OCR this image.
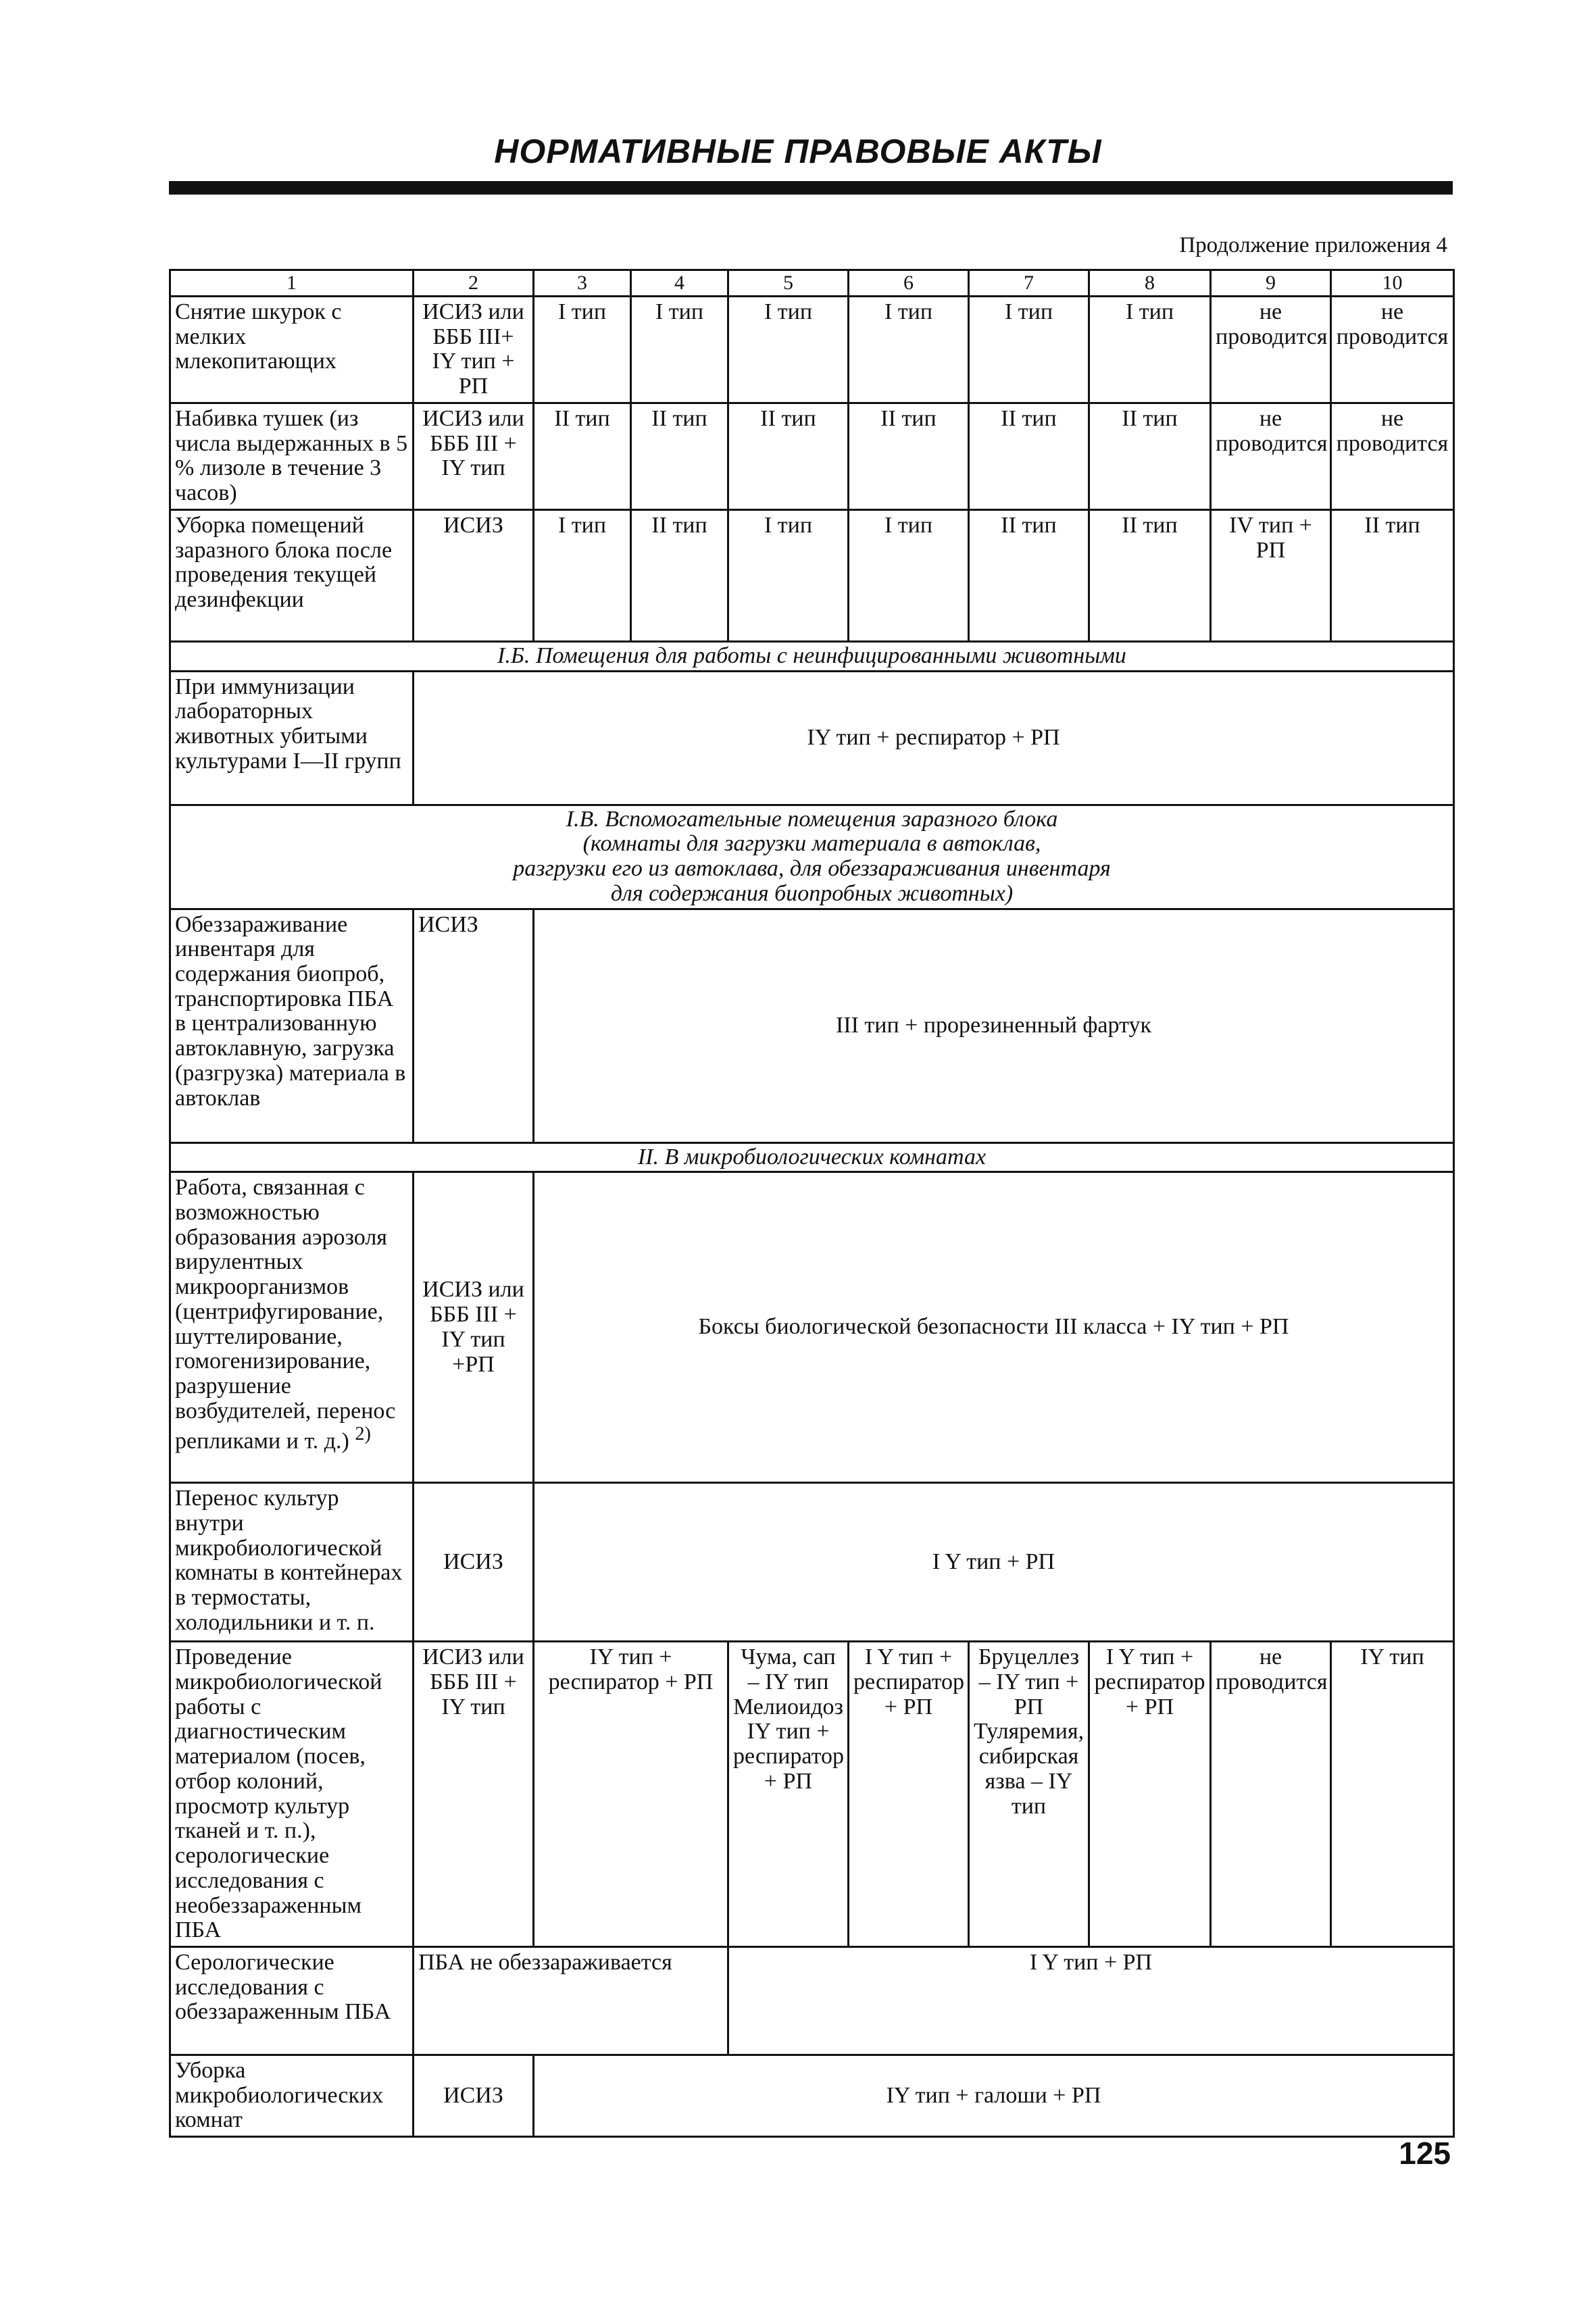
НОРМАТИВНЫЕ ПРАВОВЫЕ АКТЫ
Продолжение приложения 4
1	2	3	4	5	6	7	8	9	10
Снятие шкурок с мелких млекопитающих	ИСИЗ или БББ III+ IY тип + РП	I тип	I тип	I тип	I тип	I тип	I тип	не проводится	не проводится
Набивка тушек (из числа выдержанных в 5 % лизоле в течение 3 часов)	ИСИЗ или БББ III + IY тип	II тип	II тип	II тип	II тип	II тип	II тип	не проводится	не проводится
Уборка помещений заразного блока после проведения текущей дезинфекции	ИСИЗ	I тип	II тип	I тип	I тип	II тип	II тип	IV тип + РП	II тип
I.Б. Помещения для работы с неинфицированными животными									
При иммунизации лабораторных животных убитыми культурами I—II групп	IY тип + респиратор + РП								

I.В. Вспомогательные помещения заразного блока
(комнаты для загрузки материала в автоклав,
разгрузки его из автоклава, для обеззараживания инвентаря
для содержания биопробных животных)									

Обеззараживание инвентаря для содержания биопроб, транспортировка ПБА в централизованную автоклавную, загрузка (разгрузка) материала в автоклав	ИСИЗ	III тип + прорезиненный фартук							
II. В микробиологических комнатах									
Работа, связанная с возможностью образования аэрозоля вирулентных микроорганизмов (центрифугирование, шуттелирование, гомогенизирование, разрушение возбудителей, перенос репликами и т. д.) $^{2)}$	ИСИЗ или БББ III + IY тип +РП	Боксы биологической безопасности III класса + IY тип + РП							
Перенос культур внутри микробиологической комнаты в контейнерах в термостаты, холодильники и т. п.	ИСИЗ	I Y тип + РП							
Проведение микробиологической работы с диагностическим материалом (посев, отбор колоний, просмотр культур тканей и т. п.), серологические исследования с необеззараженным ПБА	ИСИЗ или БББ III + IY тип	IY тип + респиратор + РП		Чума, сап – IY тип Мелиоидоз IY тип + респиратор + РП	I Y тип + респиратор + РП	Бруцеллез – IY тип + РП Туляремия, сибирская язва – IY тип	I Y тип + респиратор + РП	не проводится	IY тип
Серологические исследования с обеззараженным ПБА	ПБА не обеззараживается			I Y тип + РП					
Уборка микробиологических комнат	ИСИЗ	IY тип + галоши + РП							
125
